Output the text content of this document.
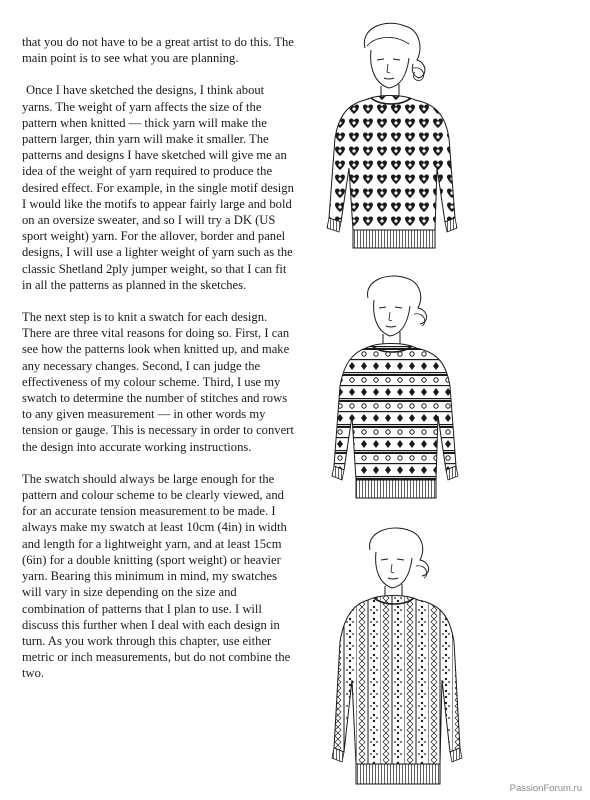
that you do not have to be a great artist to do this. The main point is to see what you are planning.

Once I have sketched the designs, I think about yarns. The weight of yarn affects the size of the pattern when knitted — thick yarn will make the pattern larger, thin yarn will make it smaller. The patterns and designs I have sketched will give me an idea of the weight of yarn required to produce the desired effect. For example, in the single motif design I would like the motifs to appear fairly large and bold on an oversize sweater, and so I will try a DK (US sport weight) yarn. For the allover, border and panel designs, I will use a lighter weight of yarn such as the classic Shetland 2ply jumper weight, so that I can fit in all the patterns as planned in the sketches.

The next step is to knit a swatch for each design. There are three vital reasons for doing so. First, I can see how the patterns look when knitted up, and make any necessary changes. Second, I can judge the effectiveness of my colour scheme. Third, I use my swatch to determine the number of stitches and rows to any given measurement — in other words my tension or gauge. This is necessary in order to convert the design into accurate working instructions.

The swatch should always be large enough for the pattern and colour scheme to be clearly viewed, and for an accurate tension measurement to be made. I always make my swatch at least 10cm (4in) in width and length for a lightweight yarn, and at least 15cm (6in) for a double knitting (sport weight) or heavier yarn. Bearing this minimum in mind, my swatches will vary in size depending on the size and combination of patterns that I plan to use. I will discuss this further when I deal with each design in turn. As you work through this chapter, use either metric or inch measurements, but do not combine the two.

PassionForum.ru
